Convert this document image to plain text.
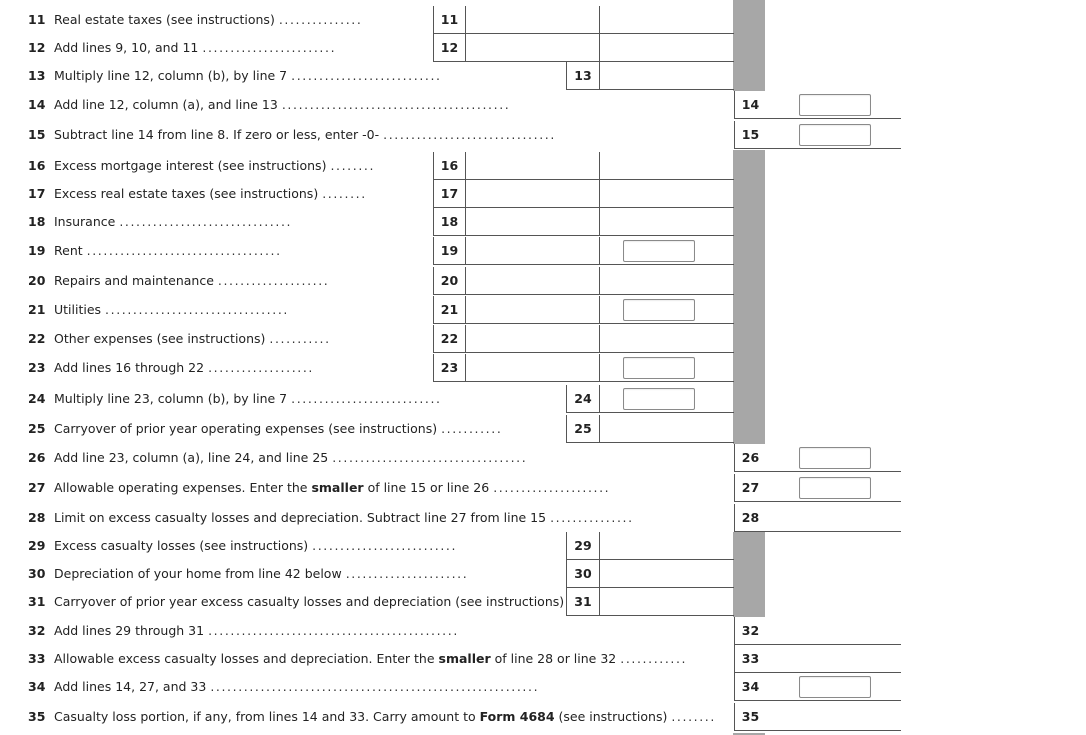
11 Real estate taxes (see instructions) ...............	11
12 Add lines 9, 10, and 11 ........................	12
13 Multiply line 12, column (b), by line 7 ...........................	13
14 Add line 12, column (a), and line 13 .........................................	14
15 Subtract line 14 from line 8. If zero or less, enter -0- ...............................	15
16 Excess mortgage interest (see instructions) ........	16
17 Excess real estate taxes (see instructions) ........	17
18 Insurance ...............................	18
19 Rent ...................................	19
20 Repairs and maintenance ....................	20
21 Utilities .................................	21
22 Other expenses (see instructions) ...........	22
23 Add lines 16 through 22 ...................	23
24 Multiply line 23, column (b), by line 7 ...........................	24
25 Carryover of prior year operating expenses (see instructions) ...........	25
26 Add line 23, column (a), line 24, and line 25 ...................................	26
27 Allowable operating expenses. Enter the smaller of line 15 or line 26 .....................	27
28 Limit on excess casualty losses and depreciation. Subtract line 27 from line 15 ...............	28
29 Excess casualty losses (see instructions) ..........................	29
30 Depreciation of your home from line 42 below ......................	30
31 Carryover of prior year excess casualty losses and depreciation (see instructions) 31
32 Add lines 29 through 31 .............................................	32
33 Allowable excess casualty losses and depreciation. Enter the smaller of line 28 or line 32 ............	33
34 Add lines 14, 27, and 33 ...........................................................	34
35 Casualty loss portion, if any, from lines 14 and 33. Carry amount to Form 4684 (see instructions) ........	35
